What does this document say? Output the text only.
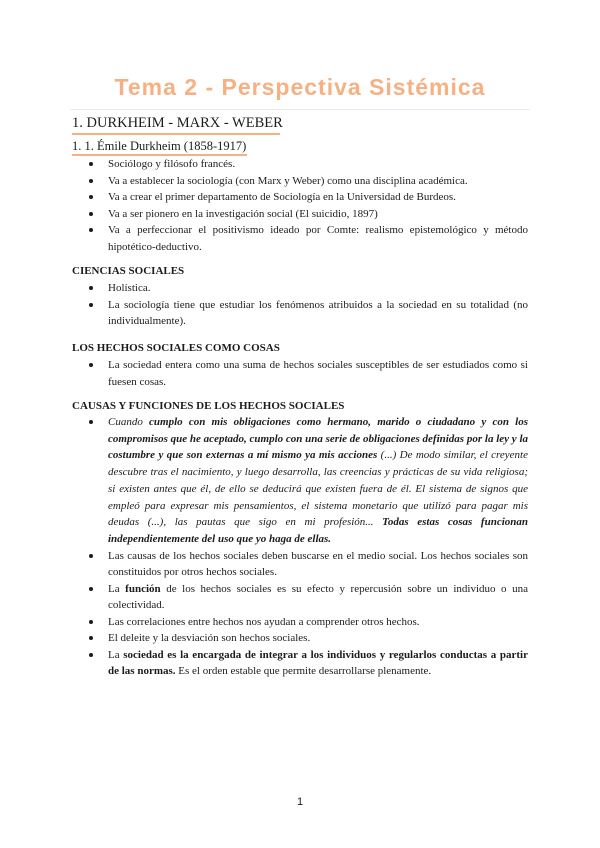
Tema 2 - Perspectiva Sistémica
1. DURKHEIM - MARX - WEBER
1. 1. Émile Durkheim (1858-1917)
Sociólogo y filósofo francés.
Va a establecer la sociología (con Marx y Weber) como una disciplina académica.
Va a crear el primer departamento de Sociología en la Universidad de Burdeos.
Va a ser pionero en la investigación social (El suicidio, 1897)
Va a perfeccionar el positivismo ideado por Comte: realismo epistemológico y método hipotético-deductivo.
CIENCIAS SOCIALES
Holística.
La sociología tiene que estudiar los fenómenos atribuidos a la sociedad en su totalidad (no individualmente).
LOS HECHOS SOCIALES COMO COSAS
La sociedad entera como una suma de hechos sociales susceptibles de ser estudiados como si fuesen cosas.
CAUSAS Y FUNCIONES DE LOS HECHOS SOCIALES
Cuando cumplo con mis obligaciones como hermano, marido o ciudadano y con los compromisos que he aceptado, cumplo con una serie de obligaciones definidas por la ley y la costumbre y que son externas a mí mismo ya mis acciones (...) De modo similar, el creyente descubre tras el nacimiento, y luego desarrolla, las creencias y prácticas de su vida religiosa; si existen antes que él, de ello se deducirá que existen fuera de él. El sistema de signos que empleó para expresar mis pensamientos, el sistema monetario que utilizó para pagar mis deudas (...), las pautas que sigo en mi profesión... Todas estas cosas funcionan independientemente del uso que yo haga de ellas.
Las causas de los hechos sociales deben buscarse en el medio social. Los hechos sociales son constituidos por otros hechos sociales.
La función de los hechos sociales es su efecto y repercusión sobre un individuo o una colectividad.
Las correlaciones entre hechos nos ayudan a comprender otros hechos.
El deleite y la desviación son hechos sociales.
La sociedad es la encargada de integrar a los individuos y regularlos conductas a partir de las normas. Es el orden estable que permite desarrollarse plenamente.
1
